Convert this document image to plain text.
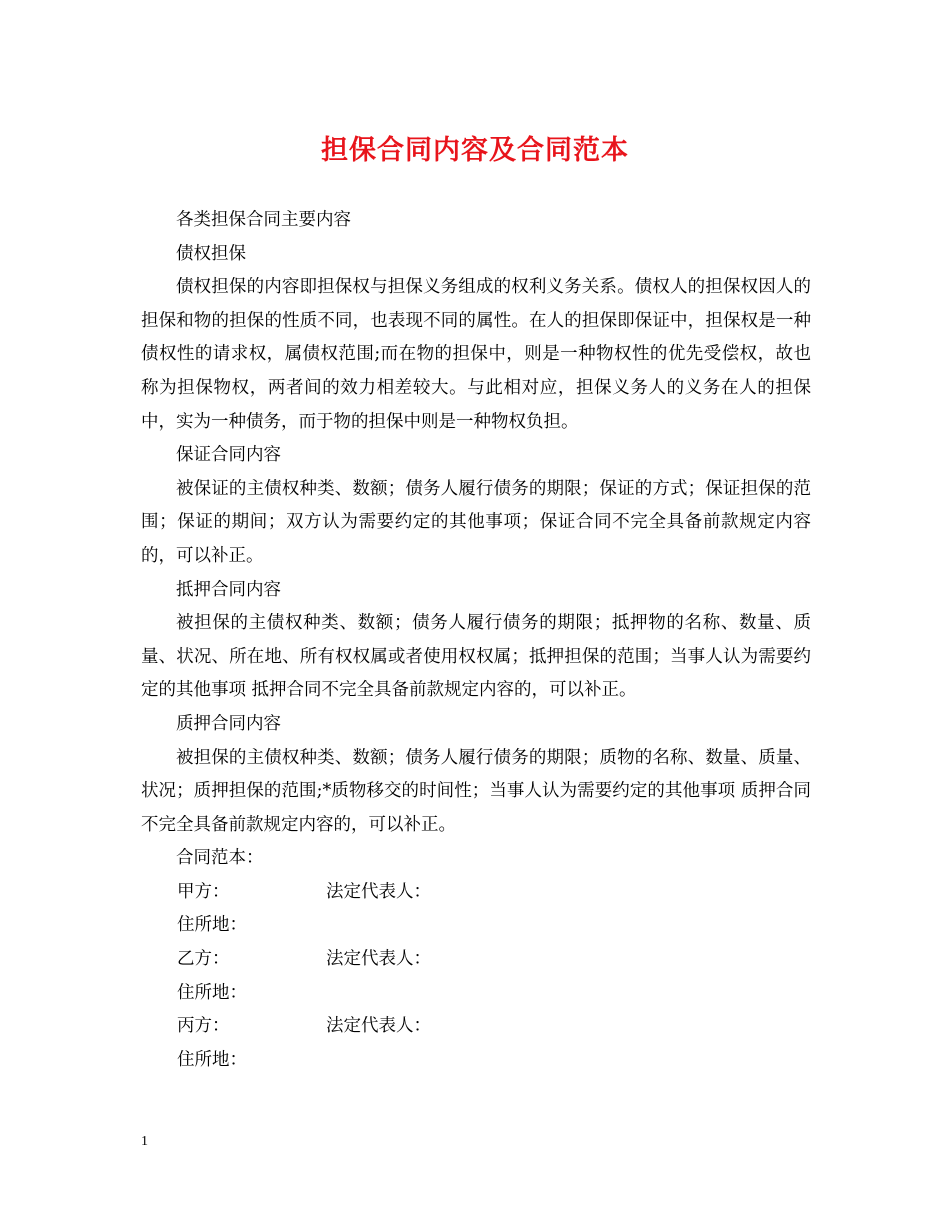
担保合同内容及合同范本

各类担保合同主要内容

债权担保

债权担保的内容即担保权与担保义务组成的权利义务关系。债权人的担保权因人的担保和物的担保的性质不同，也表现不同的属性。在人的担保即保证中，担保权是一种债权性的请求权，属债权范围;而在物的担保中，则是一种物权性的优先受偿权，故也称为担保物权，两者间的效力相差较大。与此相对应，担保义务人的义务在人的担保中，实为一种债务，而于物的担保中则是一种物权负担。

保证合同内容

被保证的主债权种类、数额；债务人履行债务的期限；保证的方式；保证担保的范围；保证的期间；双方认为需要约定的其他事项；保证合同不完全具备前款规定内容的，可以补正。

抵押合同内容

被担保的主债权种类、数额；债务人履行债务的期限；抵押物的名称、数量、质量、状况、所在地、所有权权属或者使用权权属；抵押担保的范围；当事人认为需要约定的其他事项 抵押合同不完全具备前款规定内容的，可以补正。

质押合同内容

被担保的主债权种类、数额；债务人履行债务的期限；质物的名称、数量、质量、状况；质押担保的范围;*质物移交的时间性；当事人认为需要约定的其他事项 质押合同不完全具备前款规定内容的，可以补正。

合同范本：

甲方：	法定代表人：

住所地：

乙方：	法定代表人：

住所地：

丙方：	法定代表人：

住所地：

1
